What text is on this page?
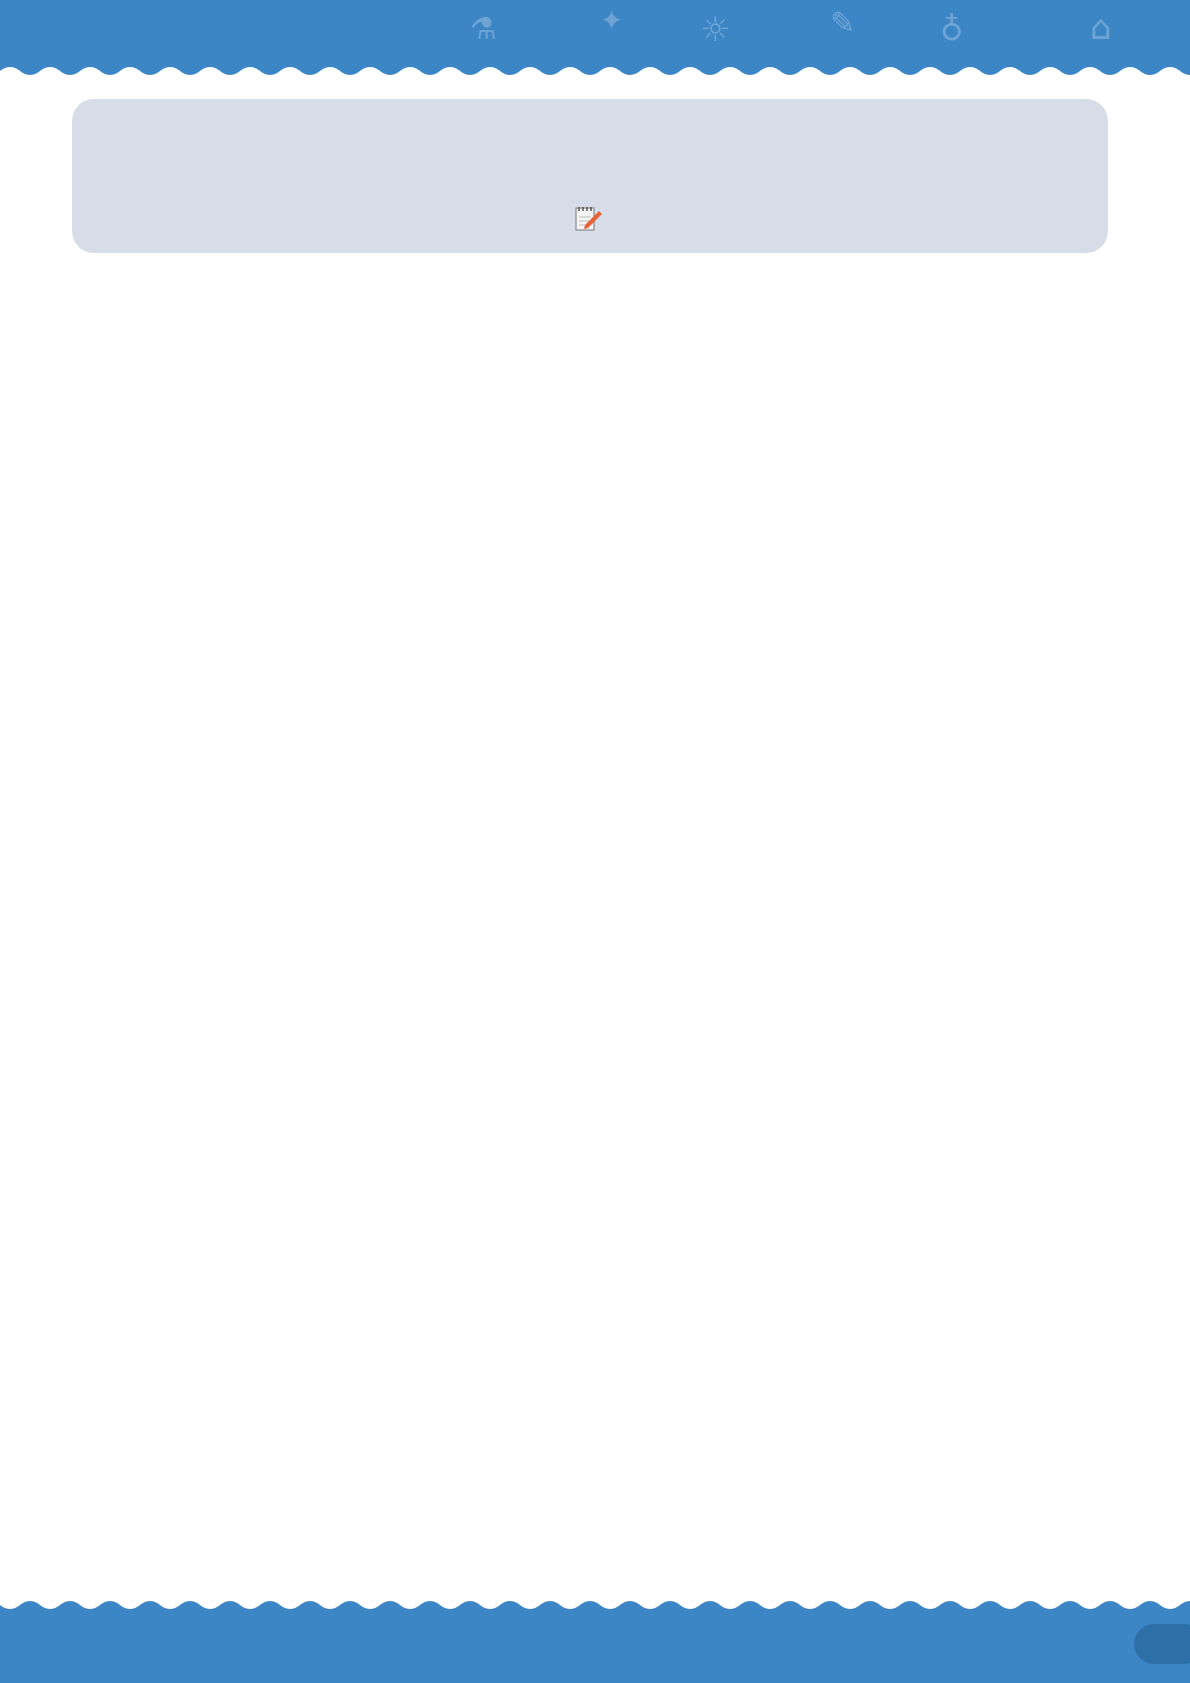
⚗	✦ ☼	✎	♁	⌂
